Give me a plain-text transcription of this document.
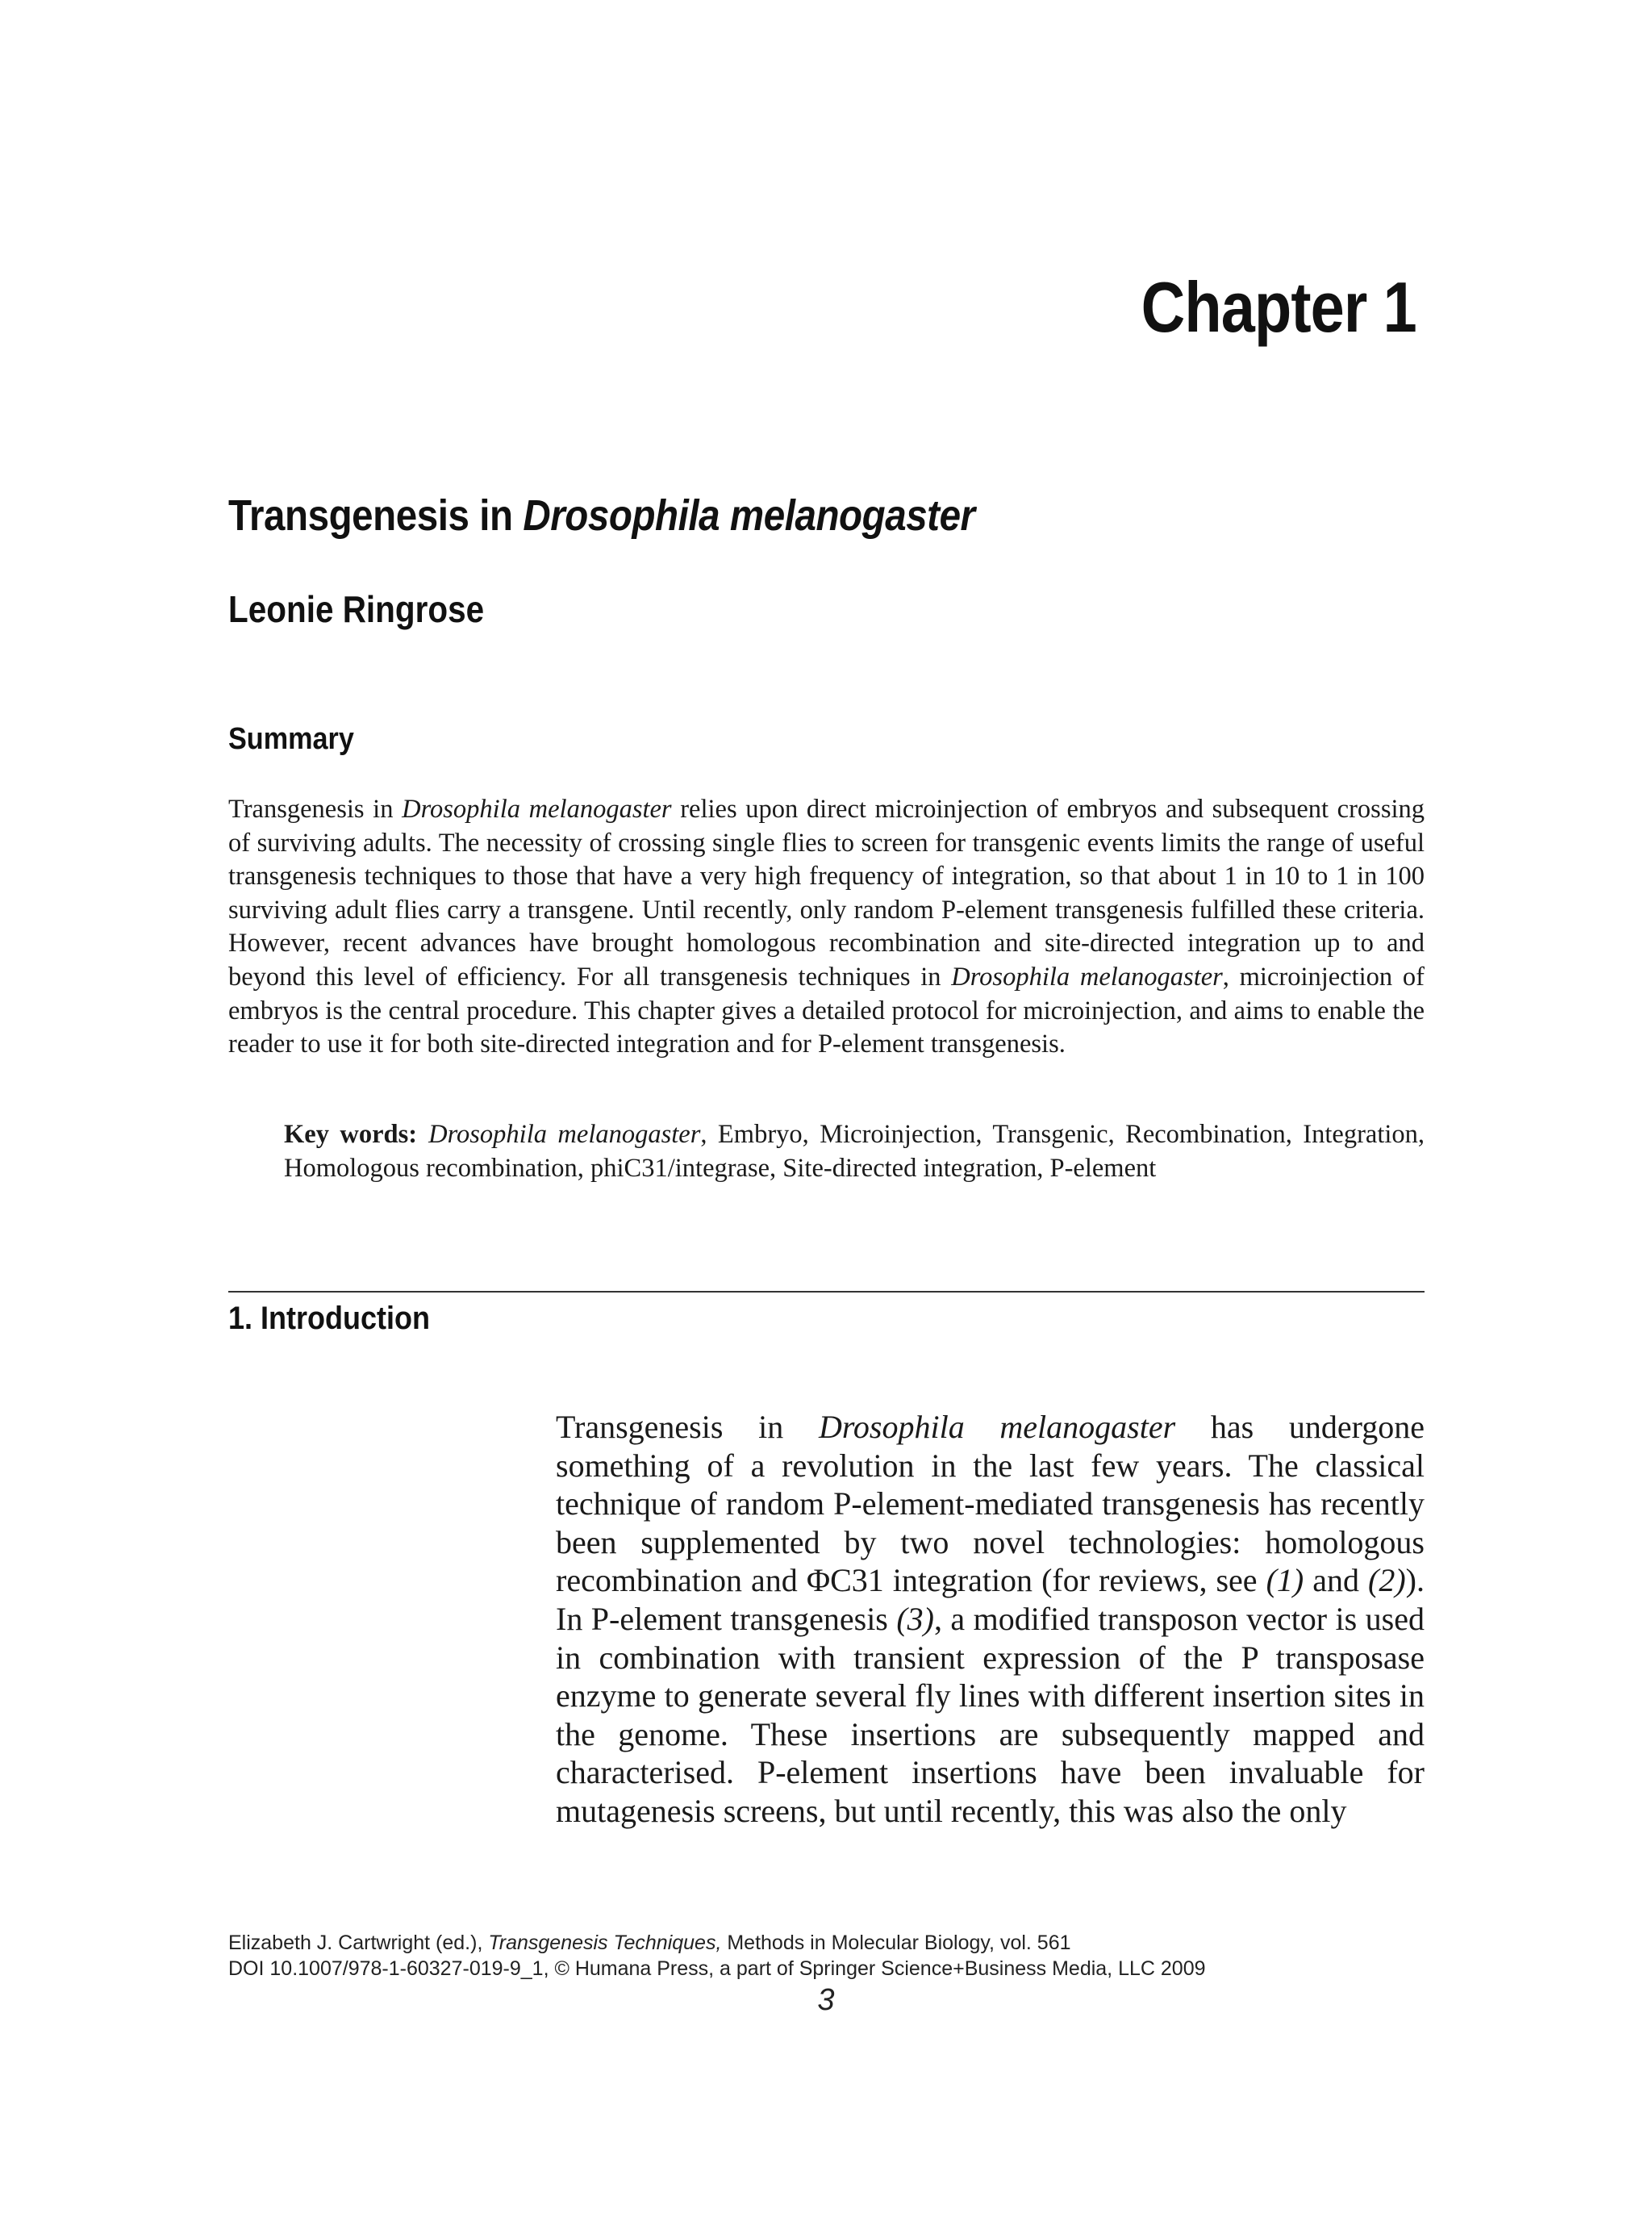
Chapter 1
Transgenesis in Drosophila melanogaster
Leonie Ringrose
Summary
Transgenesis in Drosophila melanogaster relies upon direct microinjection of embryos and subsequent crossing of surviving adults. The necessity of crossing single flies to screen for transgenic events limits the range of useful transgenesis techniques to those that have a very high frequency of integration, so that about 1 in 10 to 1 in 100 surviving adult flies carry a transgene. Until recently, only random P-element transgenesis fulfilled these criteria. However, recent advances have brought homologous recombination and site-directed integration up to and beyond this level of efficiency. For all transgenesis techniques in Drosophila melanogaster, microinjection of embryos is the central procedure. This chapter gives a detailed protocol for microinjection, and aims to enable the reader to use it for both site-directed integration and for P-element transgenesis.
Key words: Drosophila melanogaster, Embryo, Microinjection, Transgenic, Recombination, Integration, Homologous recombination, phiC31/integrase, Site-directed integration, P-element
1. Introduction
Transgenesis in Drosophila melanogaster has undergone something of a revolution in the last few years. The classical technique of random P-element-mediated transgenesis has recently been supplemented by two novel technologies: homologous recombination and ΦC31 integration (for reviews, see (1) and (2)). In P-element transgenesis (3), a modified transposon vector is used in combination with transient expression of the P transposase enzyme to generate several fly lines with different insertion sites in the genome. These insertions are subsequently mapped and characterised. P-element insertions have been invaluable for mutagenesis screens, but until recently, this was also the only
Elizabeth J. Cartwright (ed.), Transgenesis Techniques, Methods in Molecular Biology, vol. 561
DOI 10.1007/978-1-60327-019-9_1, © Humana Press, a part of Springer Science+Business Media, LLC 2009
3
